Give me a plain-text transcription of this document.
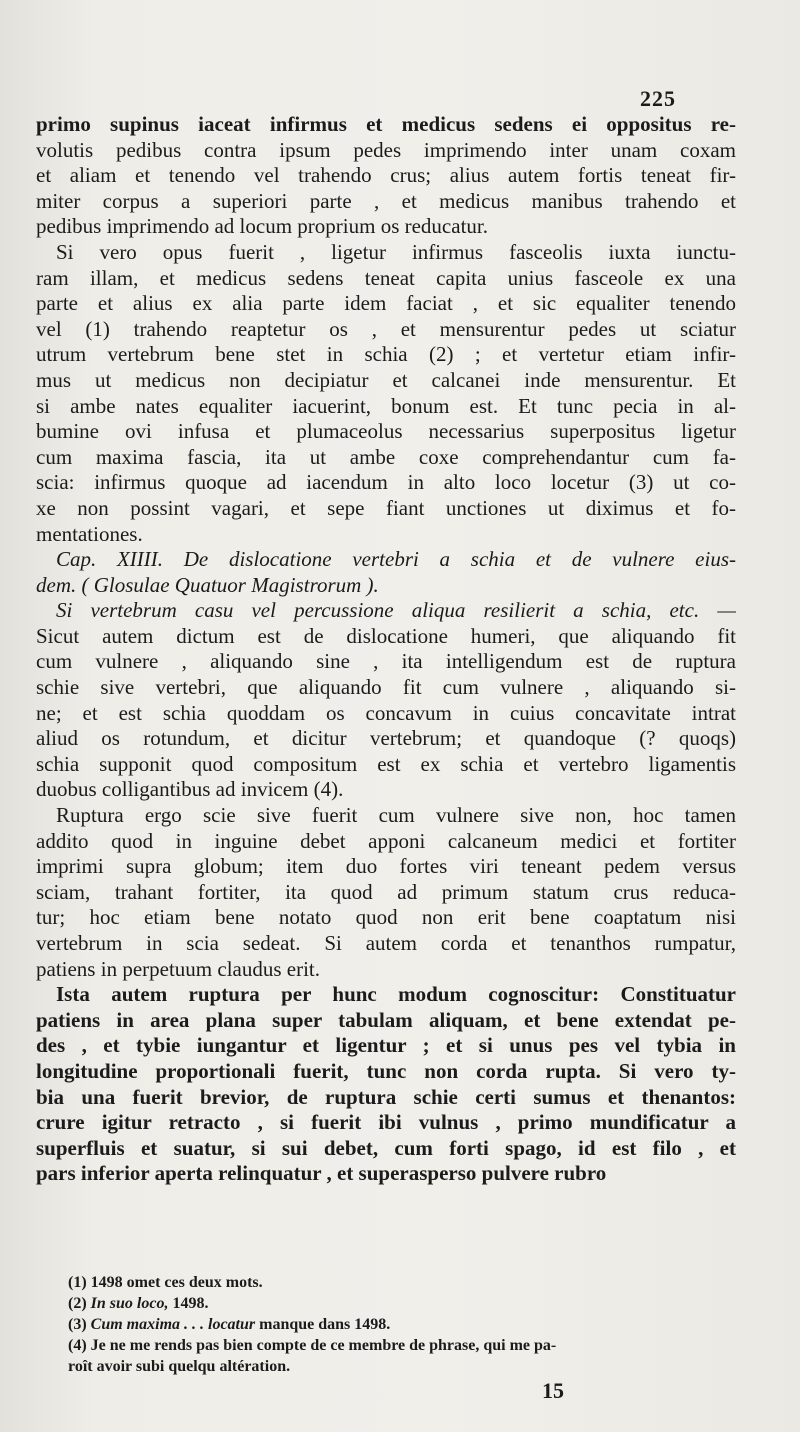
225
primo supinus iaceat infirmus et medicus sedens ei oppositus re-
volutis pedibus contra ipsum pedes imprimendo inter unam coxam
et aliam et tenendo vel trahendo crus; alius autem fortis teneat fir-
miter corpus a superiori parte , et medicus manibus trahendo et
pedibus imprimendo ad locum proprium os reducatur.
Si vero opus fuerit , ligetur infirmus fasceolis iuxta iunctu-
ram illam, et medicus sedens teneat capita unius fasceole ex una
parte et alius ex alia parte idem faciat , et sic equaliter tenendo
vel (1) trahendo reaptetur os , et mensurentur pedes ut sciatur
utrum vertebrum bene stet in schia (2) ; et vertetur etiam infir-
mus ut medicus non decipiatur et calcanei inde mensurentur. Et
si ambe nates equaliter iacuerint, bonum est. Et tunc pecia in al-
bumine ovi infusa et plumaceolus necessarius superpositus ligetur
cum maxima fascia, ita ut ambe coxe comprehendantur cum fa-
scia: infirmus quoque ad iacendum in alto loco locetur (3) ut co-
xe non possint vagari, et sepe fiant unctiones ut diximus et fo-
mentationes.
Cap. XIIII. De dislocatione vertebri a schia et de vulnere eius-
dem. ( Glosulae Quatuor Magistrorum ).
Si vertebrum casu vel percussione aliqua resilierit a schia, etc. —
Sicut autem dictum est de dislocatione humeri, que aliquando fit
cum vulnere , aliquando sine , ita intelligendum est de ruptura
schie sive vertebri, que aliquando fit cum vulnere , aliquando si-
ne; et est schia quoddam os concavum in cuius concavitate intrat
aliud os rotundum, et dicitur vertebrum; et quandoque (? quoqs)
schia supponit quod compositum est ex schia et vertebro ligamentis
duobus colligantibus ad invicem (4).
Ruptura ergo scie sive fuerit cum vulnere sive non, hoc tamen
addito quod in inguine debet apponi calcaneum medici et fortiter
imprimi supra globum; item duo fortes viri teneant pedem versus
sciam, trahant fortiter, ita quod ad primum statum crus reduca-
tur; hoc etiam bene notato quod non erit bene coaptatum nisi
vertebrum in scia sedeat. Si autem corda et tenanthos rumpatur,
patiens in perpetuum claudus erit.
Ista autem ruptura per hunc modum cognoscitur: Constituatur
patiens in area plana super tabulam aliquam, et bene extendat pe-
des , et tybie iungantur et ligentur ; et si unus pes vel tybia in
longitudine proportionali fuerit, tunc non corda rupta. Si vero ty-
bia una fuerit brevior, de ruptura schie certi sumus et thenantos:
crure igitur retracto , si fuerit ibi vulnus , primo mundificatur a
superfluis et suatur, si sui debet, cum forti spago, id est filo , et
pars inferior aperta relinquatur , et superasperso pulvere rubro
(1) 1498 omet ces deux mots.
(2) In suo loco, 1498.
(3) Cum maxima . . . locatur manque dans 1498.
(4) Je ne me rends pas bien compte de ce membre de phrase, qui me pa-
roît avoir subi quelqu altération.
15
